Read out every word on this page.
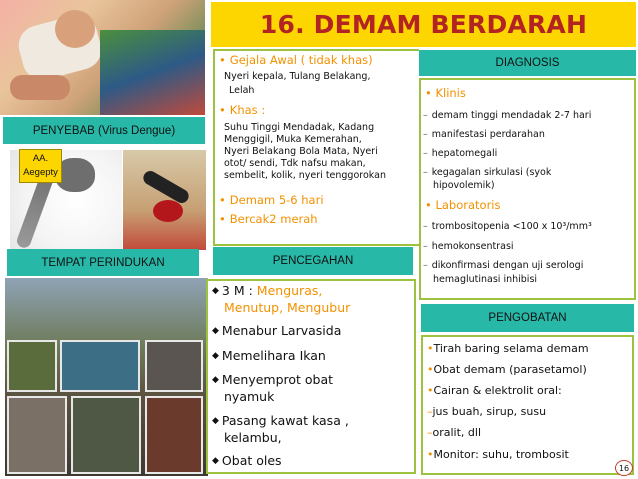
16. DEMAM BERDARAH
PENYEBAB (Virus Dengue)
AA.
Aegepty
TEMPAT PERINDUKAN
DIAGNOSIS
PENCEGAHAN
PENGOBATAN
• Gejala Awal ( tidak khas)
Nyeri kepala, Tulang Belakang,
Lelah
• Khas :
Suhu Tinggi Mendadak, Kadang
Menggigil, Muka Kemerahan,
Nyeri Belakang Bola Mata, Nyeri
otot/ sendi, Tdk nafsu makan,
sembelit, kolik, nyeri tenggorokan
• Demam 5-6 hari
• Bercak2 merah
• Klinis
– demam tinggi mendadak 2-7 hari
– manifestasi perdarahan
– hepatomegali
– kegagalan sirkulasi (syok
hipovolemik)
• Laboratoris
– trombositopenia <100 x 10³/mm³
– hemokonsentrasi
– dikonfirmasi dengan uji serologi
hemaglutinasi inhibisi
◆ 3 M : Menguras,
Menutup, Mengubur
◆ Menabur Larvasida
◆ Memelihara Ikan
◆ Menyemprot obat
nyamuk
◆ Pasang kawat kasa ,
kelambu,
◆ Obat oles
•Tirah baring selama demam
•Obat demam (parasetamol)
•Cairan & elektrolit oral:
–jus buah, sirup, susu
–oralit, dll
•Monitor: suhu, trombosit
16
